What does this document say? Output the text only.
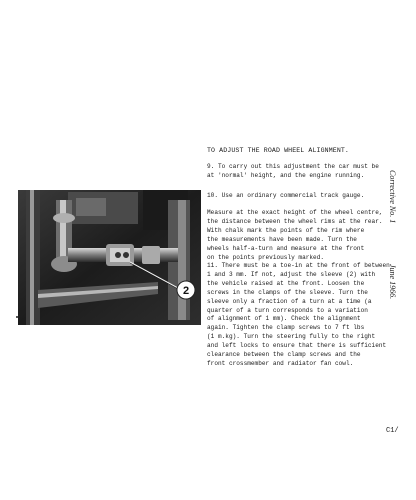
TO ADJUST THE ROAD WHEEL ALIGNMENT.
9. To carry out this adjustment the car must be
at 'normal' height, and the engine running.
10. Use an ordinary commercial track gauge.
Measure at the exact height of the wheel centre,
the distance between the wheel rims at the rear.
With chalk mark the points of the rim where
the measurements have been made. Turn the
wheels half-a-turn and measure at the front
on the points previously marked.
11. There must be a toe-in at the front of between
1 and 3 mm. If not, adjust the sleeve (2) with
the vehicle raised at the front. Loosen the
screws in the clamps of the sleeve. Turn the
sleeve only a fraction of a turn at a time (a
quarter of a turn corresponds to a variation
of alignment of 1 mm). Check the alignment
again. Tighten the clamp screws to 7 ft lbs
(1 m.kg). Turn the steering fully to the right
and left locks to ensure that there is sufficient
clearance between the clamp screws and the
front crossmember and radiator fan cowl.
2
Corrective No. 1
June 1966.
C1/
